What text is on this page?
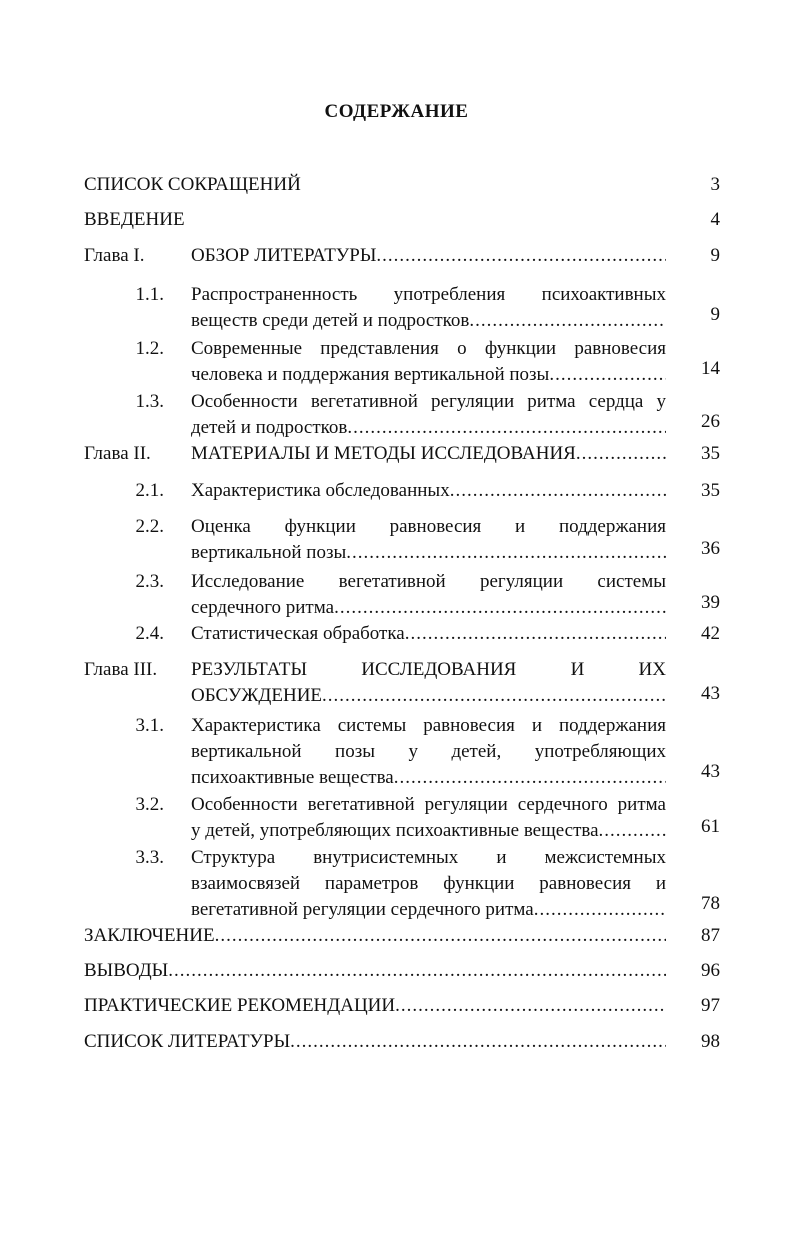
СОДЕРЖАНИЕ
СПИСОК СОКРАЩЕНИЙ	3
ВВЕДЕНИЕ	4
Глава I. ОБЗОР ЛИТЕРАТУРЫ .....	9
1.1. Распространенность употребления психоактивных
веществ среди детей и подростков .....	9
1.2. Современные представления о функции равновесия
человека и поддержания вертикальной позы .....	14
1.3. Особенности вегетативной регуляции ритма сердца у
детей и подростков .....	26
Глава II. МАТЕРИАЛЫ И МЕТОДЫ ИССЛЕДОВАНИЯ .....	35
2.1. Характеристика обследованных .....	35
2.2. Оценка функции равновесия и поддержания
вертикальной позы .....	36
2.3. Исследование вегетативной регуляции системы
сердечного ритма .....	39
2.4. Статистическая обработка .....	42
Глава III. РЕЗУЛЬТАТЫ ИССЛЕДОВАНИЯ И ИХ
ОБСУЖДЕНИЕ .....	43
3.1. Характеристика системы равновесия и поддержания
вертикальной позы у детей, употребляющих
психоактивные вещества .....	43
3.2. Особенности вегетативной регуляции сердечного ритма
у детей, употребляющих психоактивные вещества .....	61
3.3. Структура внутрисистемных и межсистемных
взаимосвязей параметров функции равновесия и
вегетативной регуляции сердечного ритма .....	78
ЗАКЛЮЧЕНИЕ .....	87
ВЫВОДЫ .....	96
ПРАКТИЧЕСКИЕ РЕКОМЕНДАЦИИ .....	97
СПИСОК ЛИТЕРАТУРЫ .....	98
